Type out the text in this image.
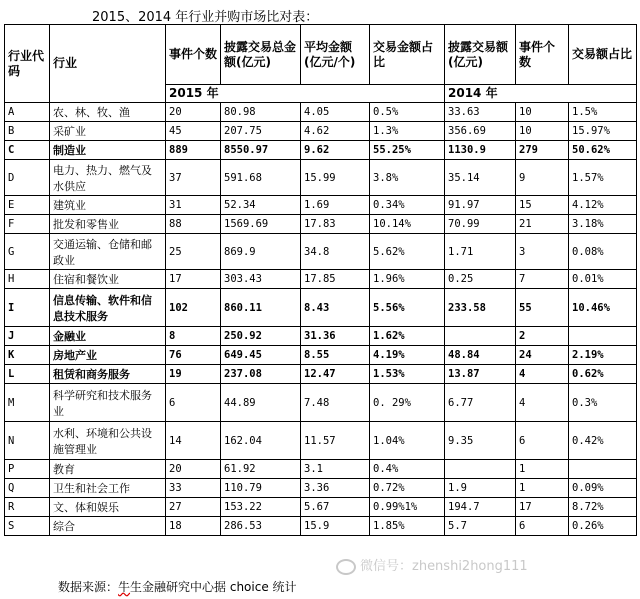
2015、2014 年行业并购市场比对表：
行业代码	行业	事件个数	披露交易总金额(亿元)	平均金额(亿元/个)	交易金额占比	披露交易额(亿元)	事件个数	交易额占比
		2015 年				2014 年		
A	农、林、牧、渔	20	80.98	4.05	0.5%	33.63	10	1.5%
B	采矿业	45	207.75	4.62	1.3%	356.69	10	15.97%
C	制造业	889	8550.97	9.62	55.25%	1130.9	279	50.62%
D	电力、热力、燃气及水供应	37	591.68	15.99	3.8%	35.14	9	1.57%
E	建筑业	31	52.34	1.69	0.34%	91.97	15	4.12%
F	批发和零售业	88	1569.69	17.83	10.14%	70.99	21	3.18%
G	交通运输、仓储和邮政业	25	869.9	34.8	5.62%	1.71	3	0.08%
H	住宿和餐饮业	17	303.43	17.85	1.96%	0.25	7	0.01%
I	信息传输、软件和信息技术服务	102	860.11	8.43	5.56%	233.58	55	10.46%
J	金融业	8	250.92	31.36	1.62%		2	
K	房地产业	76	649.45	8.55	4.19%	48.84	24	2.19%
L	租赁和商务服务	19	237.08	12.47	1.53%	13.87	4	0.62%
M	科学研究和技术服务业	6	44.89	7.48	0. 29%	6.77	4	0.3%
N	水利、环境和公共设施管理业	14	162.04	11.57	1.04%	9.35	6	0.42%
P	教育	20	61.92	3.1	0.4%		1	
Q	卫生和社会工作	33	110.79	3.36	0.72%	1.9	1	0.09%
R	文、体和娱乐	27	153.22	5.67	0.99%1%	194.7	17	8.72%
S	综合	18	286.53	15.9	1.85%	5.7	6	0.26%
数据来源：牛生金融研究中心据 choice 统计
微信号：zhenshi2hong111
